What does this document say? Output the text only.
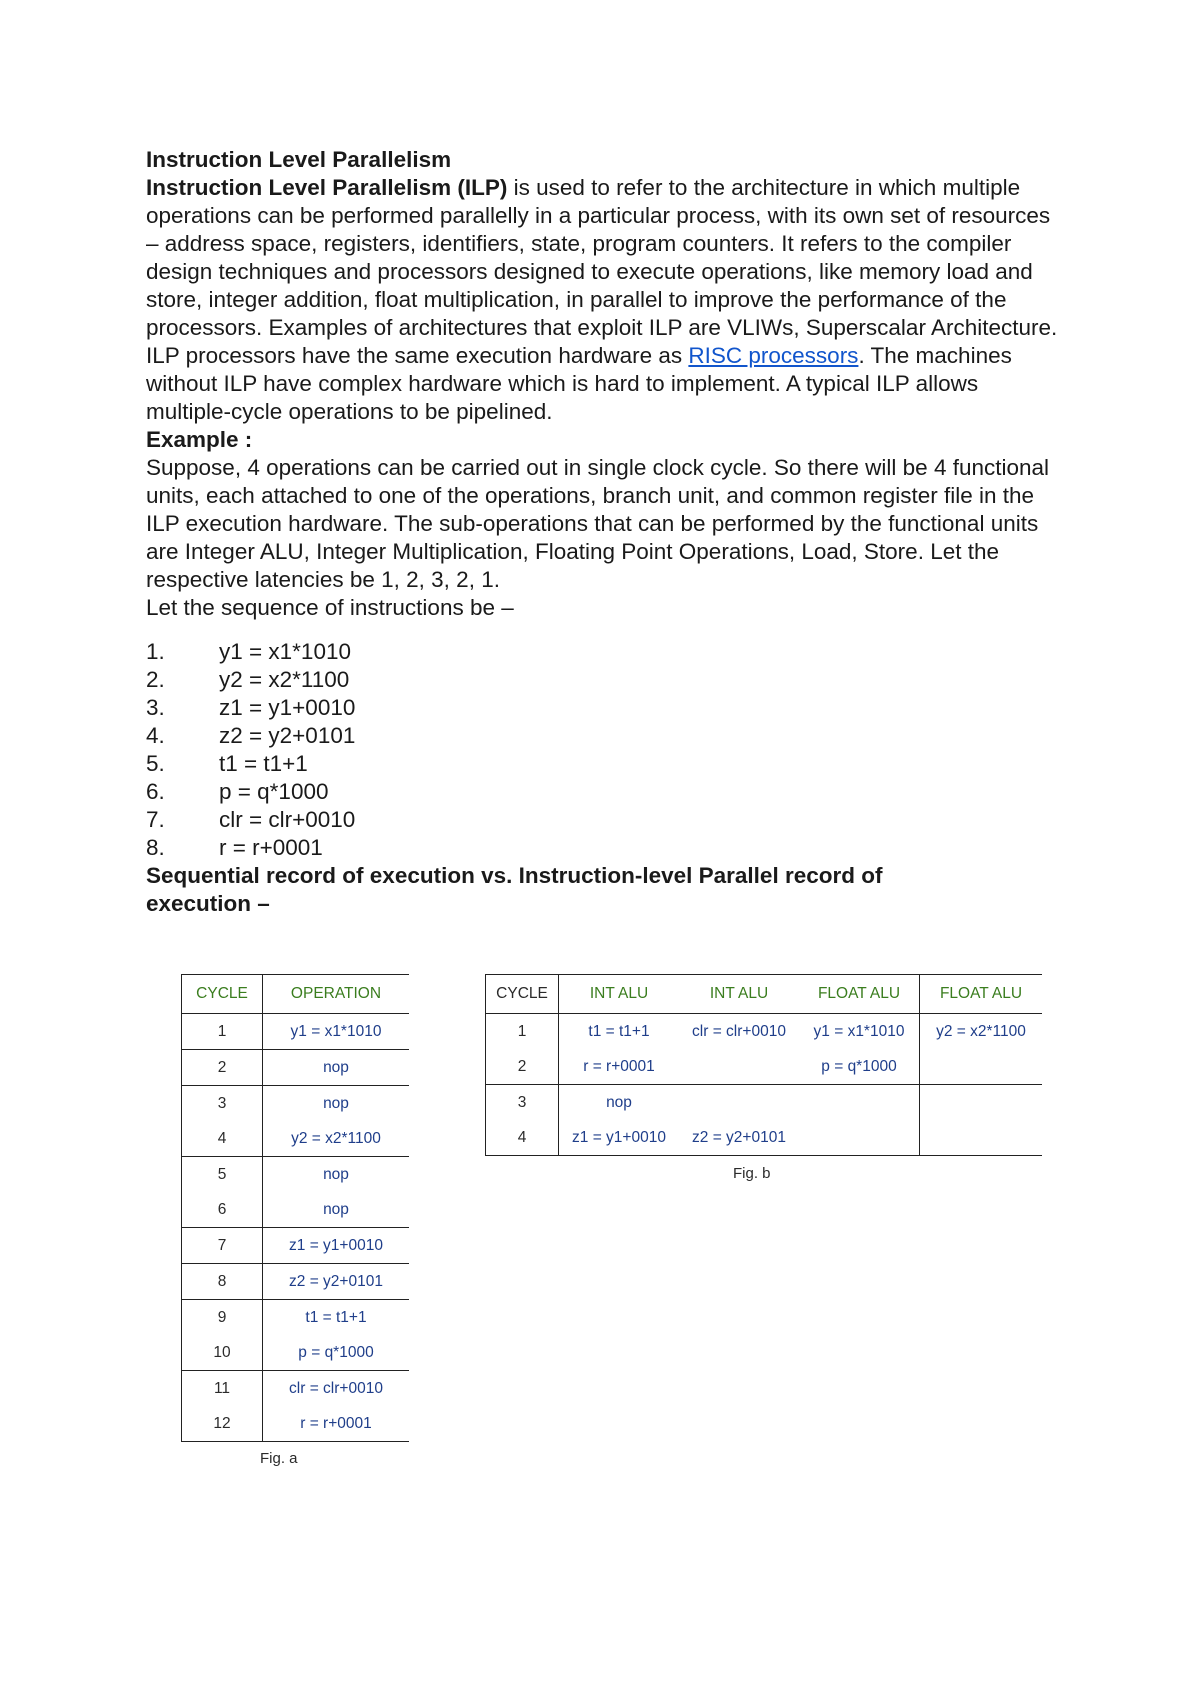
Instruction Level Parallelism

Instruction Level Parallelism (ILP) is used to refer to the architecture in which multiple operations can be performed parallelly in a particular process, with its own set of resources – address space, registers, identifiers, state, program counters. It refers to the compiler design techniques and processors designed to execute operations, like memory load and store, integer addition, float multiplication, in parallel to improve the performance of the processors. Examples of architectures that exploit ILP are VLIWs, Superscalar Architecture.

ILP processors have the same execution hardware as RISC processors. The machines without ILP have complex hardware which is hard to implement. A typical ILP allows multiple-cycle operations to be pipelined.

Example :

Suppose, 4 operations can be carried out in single clock cycle. So there will be 4 functional units, each attached to one of the operations, branch unit, and common register file in the ILP execution hardware. The sub-operations that can be performed by the functional units are Integer ALU, Integer Multiplication, Floating Point Operations, Load, Store. Let the respective latencies be 1, 2, 3, 2, 1.

Let the sequence of instructions be –

1.	y1 = x1*1010
2.	y2 = x2*1100
3.	z1 = y1+0010
4.	z2 = y2+0101
5.	t1 = t1+1
6.	p = q*1000
7.	clr = clr+0010
8.	r = r+0001

Sequential record of execution vs. Instruction-level Parallel record of execution –

CYCLE	OPERATION
1	y1 = x1*1010
2	nop
3	nop
4	y2 = x2*1100
5	nop
6	nop
7	z1 = y1+0010
8	z2 = y2+0101
9	t1 = t1+1
10	p = q*1000
11	clr = clr+0010
12	r = r+0001
Fig. a
CYCLE	INT ALU	INT ALU	FLOAT ALU	FLOAT ALU
1	t1 = t1+1	clr = clr+0010	y1 = x1*1010	y2 = x2*1100
2	r = r+0001		p = q*1000	
3	nop			
4	z1 = y1+0010	z2 = y2+0101		
Fig. b
